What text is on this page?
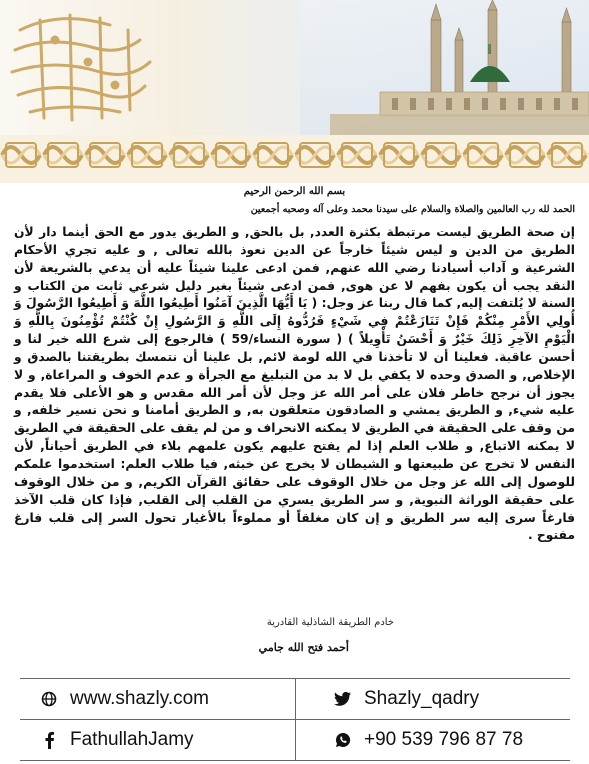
بسم الله الرحمن الرحيم
الحمد لله رب العالمين والصلاة والسلام على سيدنا محمد وعلى آله وصحبه أجمعين
إن صحة الطريق ليست مرتبطة بكثرة العدد, بل بالحق, و الطريق يدور مع الحق أينما دار لأن الطريق من الدين و ليس شيئاً خارجاً عن الدين نعوذ بالله تعالى , و عليه تجري الأحكام الشرعية و آداب أسيادنا رضي الله عنهم, فمن ادعى علينا شيئاً عليه أن يدعي بالشريعة لأن النقد يجب أن يكون بفهم لا عن هوى, فمن ادعى شيئاً بغير دليل شرعي ثابت من الكتاب و السنة لا يُلتفت إليه, كما قال ربنا عز وجل: ( يَا أَيُّهَا الَّذِينَ آمَنُوا أَطِيعُوا اللَّهَ وَ أَطِيعُوا الرَّسُولَ وَ أُولِي الأَمْرِ مِنْكُمْ فَإِنْ تَنَازَعْتُمْ فِي شَيْءٍ فَرُدُّوهُ إِلَى اللَّهِ وَ الرَّسُولِ إِنْ كُنْتُمْ تُؤْمِنُونَ بِاللَّهِ وَ الْيَوْمِ الآخِرِ ذَلِكَ خَيْرٌ وَ أَحْسَنُ تَأْوِيلاً ) ( سورة النساء/59 ) فالرجوع إلى شرع الله خير لنا و أحسن عاقبة. فعلينا أن لا تأخذنا في الله لومة لائم, بل علينا أن نتمسك بطريقتنا بالصدق و الإخلاص, و الصدق وحده لا يكفي بل لا بد من التبليغ مع الجرأة و عدم الخوف و المراعاة, و لا يجوز أن نرجح خاطر فلان على أمر الله عز وجل لأن أمر الله مقدس و هو الأعلى فلا يقدم عليه شيء, و الطريق يمشي و الصادقون متعلقون به, و الطريق أمامنا و نحن نسير خلفه, و من وقف على الحقيقة في الطريق لا يمكنه الانحراف و من لم يقف على الحقيقة في الطريق لا يمكنه الاتباع, و طلاب العلم إذا لم يفتح عليهم يكون علمهم بلاء في الطريق أحياناً, لأن النفس لا تخرج عن طبيعتها و الشيطان لا يخرج عن خبثه, فيا طلاب العلم: استخدموا علمكم للوصول إلى الله عز وجل من خلال الوقوف على حقائق القرآن الكريم, و من خلال الوقوف على حقيقة الوراثة النبوية, و سر الطريق يسري من القلب إلى القلب, فإذا كان قلب الآخذ فارغاً سرى إليه سر الطريق و إن كان مغلقاً أو مملوءاً بالأغيار تحول السر إلى قلب فارغ مفتوح .
خادم الطريقة الشاذلية القادرية
أحمد فتح الله جامي
www.shazly.com	Shazly_qadry
FathullahJamy	+90 539 796 87 78
